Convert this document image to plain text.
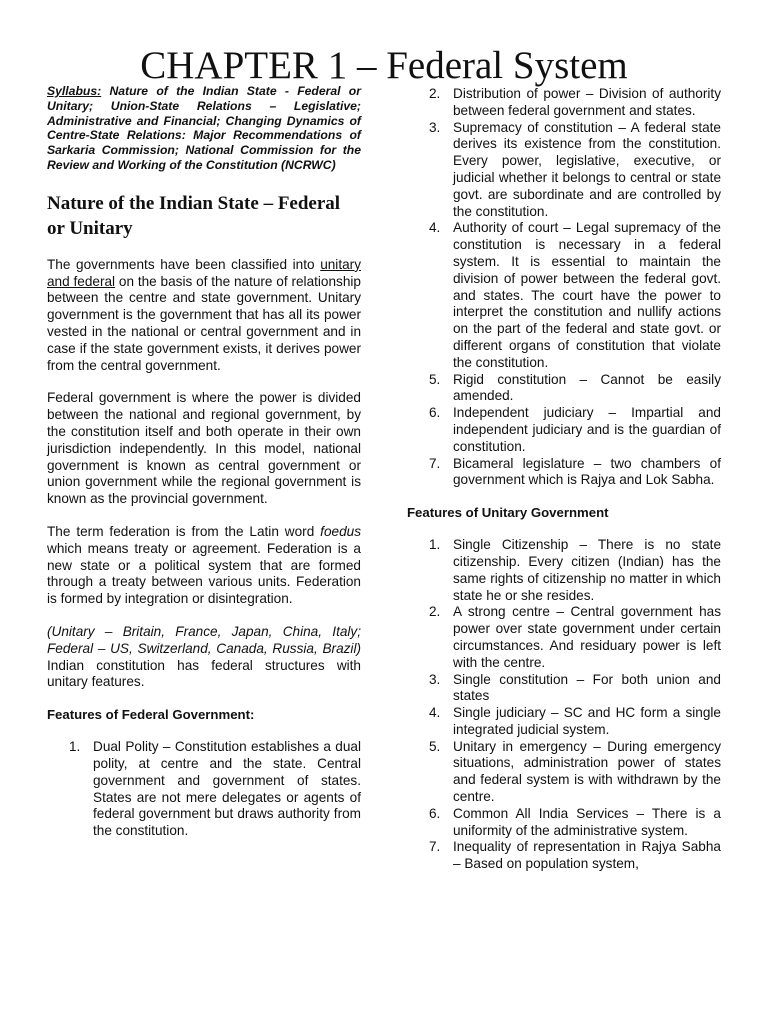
CHAPTER 1 – Federal System

Syllabus: Nature of the Indian State - Federal or Unitary; Union-State Relations – Legislative; Administrative and Financial; Changing Dynamics of Centre-State Relations: Major Recommendations of Sarkaria Commission; National Commission for the Review and Working of the Constitution (NCRWC)

Nature of the Indian State – Federal or Unitary

The governments have been classified into unitary and federal on the basis of the nature of relationship between the centre and state government. Unitary government is the government that has all its power vested in the national or central government and in case if the state government exists, it derives power from the central government.

Federal government is where the power is divided between the national and regional government, by the constitution itself and both operate in their own jurisdiction independently. In this model, national government is known as central government or union government while the regional government is known as the provincial government.

The term federation is from the Latin word foedus which means treaty or agreement. Federation is a new state or a political system that are formed through a treaty between various units. Federation is formed by integration or disintegration.

(Unitary – Britain, France, Japan, China, Italy; Federal – US, Switzerland, Canada, Russia, Brazil) Indian constitution has federal structures with unitary features.

Features of Federal Government:
1. Dual Polity – Constitution establishes a dual polity, at centre and the state. Central government and government of states. States are not mere delegates or agents of federal government but draws authority from the constitution.
2. Distribution of power – Division of authority between federal government and states.
3. Supremacy of constitution – A federal state derives its existence from the constitution. Every power, legislative, executive, or judicial whether it belongs to central or state govt. are subordinate and are controlled by the constitution.
4. Authority of court – Legal supremacy of the constitution is necessary in a federal system. It is essential to maintain the division of power between the federal govt. and states. The court have the power to interpret the constitution and nullify actions on the part of the federal and state govt. or different organs of constitution that violate the constitution.
5. Rigid constitution – Cannot be easily amended.
6. Independent judiciary – Impartial and independent judiciary and is the guardian of constitution.
7. Bicameral legislature – two chambers of government which is Rajya and Lok Sabha.
Features of Unitary Government
1. Single Citizenship – There is no state citizenship. Every citizen (Indian) has the same rights of citizenship no matter in which state he or she resides.
2. A strong centre – Central government has power over state government under certain circumstances. And residuary power is left with the centre.
3. Single constitution – For both union and states
4. Single judiciary – SC and HC form a single integrated judicial system.
5. Unitary in emergency – During emergency situations, administration power of states and federal system is with withdrawn by the centre.
6. Common All India Services – There is a uniformity of the administrative system.
7. Inequality of representation in Rajya Sabha – Based on population system,
